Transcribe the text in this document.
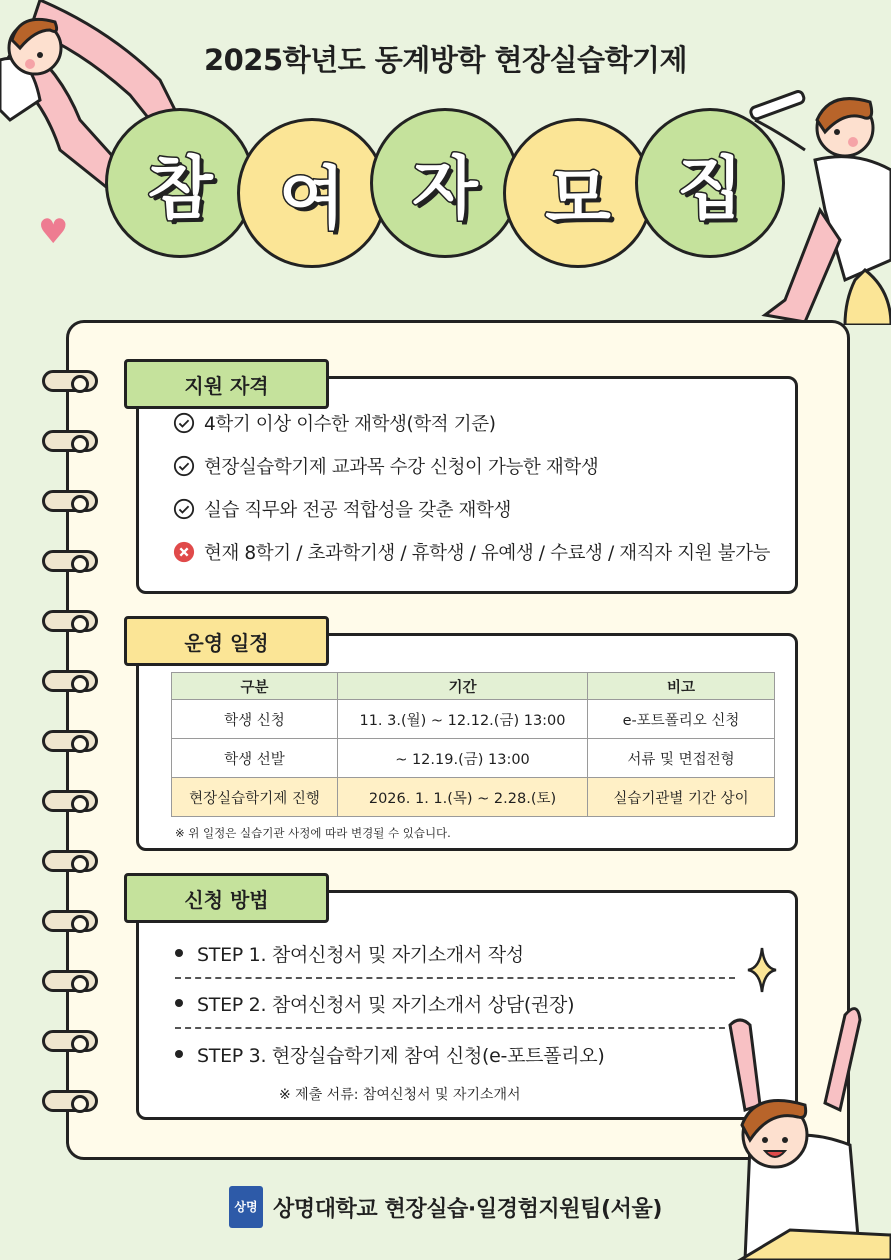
2025학년도 동계방학 현장실습학기제
참 여 자 모 집
♥
4학기 이상 이수한 재학생(학적 기준)
현장실습학기제 교과목 수강 신청이 가능한 재학생
실습 직무와 전공 적합성을 갖춘 재학생
현재 8학기 / 초과학기생 / 휴학생 / 유예생 / 수료생 / 재직자 지원 불가능
지원 자격
구분	기간	비고
학생 신청	11. 3.(월) ~ 12.12.(금) 13:00	e-포트폴리오 신청
학생 선발	~ 12.19.(금) 13:00	서류 및 면접전형
현장실습학기제 진행	2026. 1. 1.(목) ~ 2.28.(토)	실습기관별 기간 상이
※ 위 일정은 실습기관 사정에 따라 변경될 수 있습니다.
운영 일정
STEP 1. 참여신청서 및 자기소개서 작성
STEP 2. 참여신청서 및 자기소개서 상담(권장)
STEP 3. 현장실습학기제 참여 신청(e-포트폴리오)
※ 제출 서류: 참여신청서 및 자기소개서
신청 방법
상명 상명대학교 현장실습·일경험지원팀(서울)
